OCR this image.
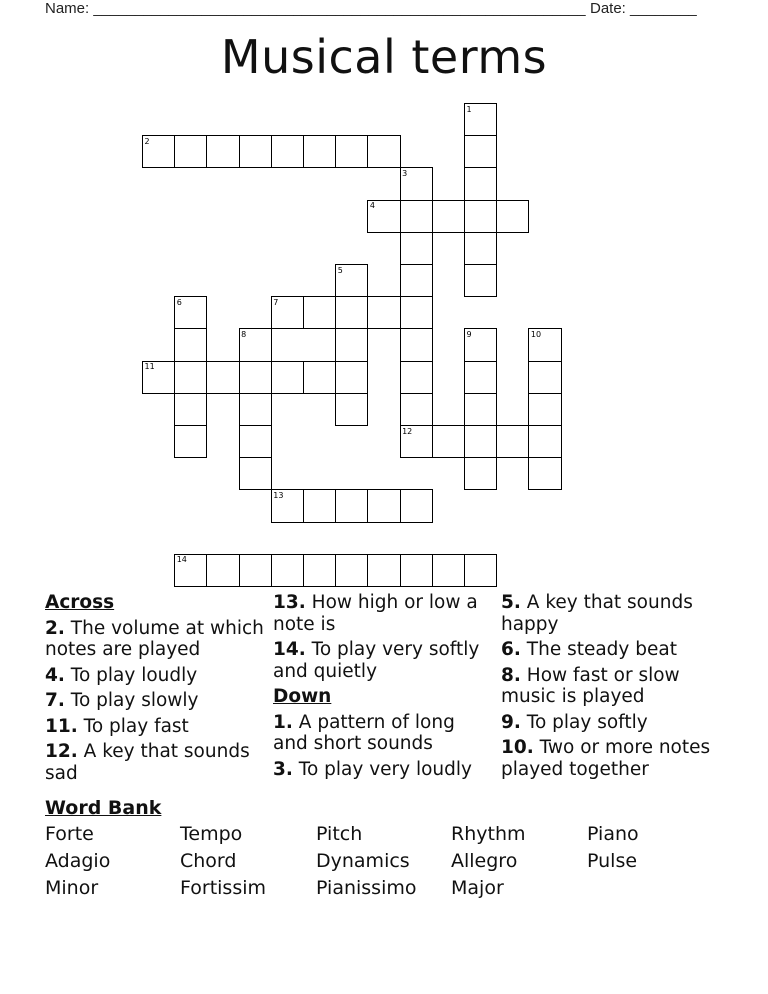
Name: ___________________________________________________________ Date: ________
Musical terms
1
2
3
4
5
6	7
8	9	10
11
12
13
14
Across
2. The volume at which notes are played
4. To play loudly
7. To play slowly
11. To play fast
12. A key that sounds sad
13. How high or low a note is
14. To play very softly and quietly
Down
1. A pattern of long and short sounds
3. To play very loudly
5. A key that sounds happy
6. The steady beat
8. How fast or slow music is played
9. To play softly
10. Two or more notes played together
Word Bank
Forte	Tempo	Pitch	Rhythm	Piano
Adagio	Chord	Dynamics Allegro	Pulse
Minor	Fortissim	Pianissimo Major
